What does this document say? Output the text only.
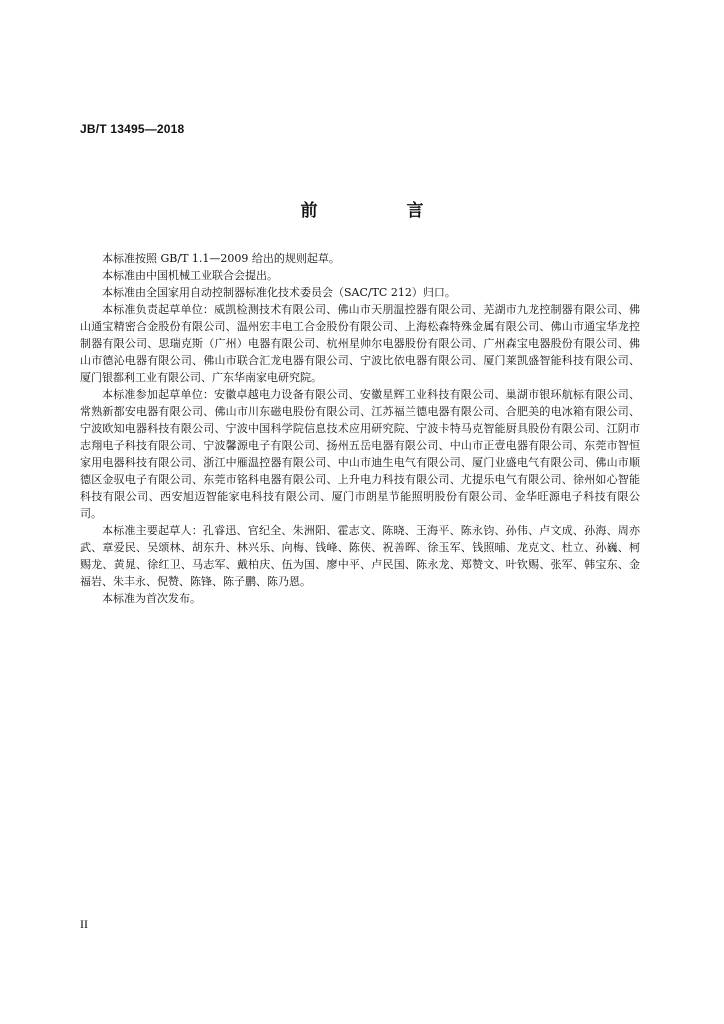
JB/T 13495—2018
前　言

本标准按照 GB/T 1.1—2009 给出的规则起草。

本标准由中国机械工业联合会提出。

本标准由全国家用自动控制器标准化技术委员会（SAC/TC 212）归口。

本标准负责起草单位：威凯检测技术有限公司、佛山市天朋温控器有限公司、芜湖市九龙控制器有限公司、佛山通宝精密合金股份有限公司、温州宏丰电工合金股份有限公司、上海松森特殊金属有限公司、佛山市通宝华龙控制器有限公司、思瑞克斯（广州）电器有限公司、杭州星帅尔电器股份有限公司、广州森宝电器股份有限公司、佛山市德沁电器有限公司、佛山市联合汇龙电器有限公司、宁波比依电器有限公司、厦门莱凯盛智能科技有限公司、厦门银都利工业有限公司、广东华南家电研究院。

本标准参加起草单位：安徽卓越电力设备有限公司、安徽星辉工业科技有限公司、巢湖市银环航标有限公司、常熟新都安电器有限公司、佛山市川东磁电股份有限公司、江苏福兰德电器有限公司、合肥美的电冰箱有限公司、宁波欧知电器科技有限公司、宁波中国科学院信息技术应用研究院、宁波卡特马克智能厨具股份有限公司、江阴市志翔电子科技有限公司、宁波馨源电子有限公司、扬州五岳电器有限公司、中山市正壹电器有限公司、东莞市智恒家用电器科技有限公司、浙江中雁温控器有限公司、中山市迪生电气有限公司、厦门业盛电气有限公司、佛山市顺德区金驭电子有限公司、东莞市铭科电器有限公司、上升电力科技有限公司、尤提乐电气有限公司、徐州如心智能科技有限公司、西安旭迈智能家电科技有限公司、厦门市朗星节能照明股份有限公司、金华旺源电子科技有限公司。

本标准主要起草人：孔睿迅、官纪全、朱洲阳、霍志文、陈晓、王海平、陈永钧、孙伟、卢文成、孙海、周亦武、章爱民、吴颂林、胡东升、林兴乐、向梅、钱峰、陈侠、祝善晖、徐玉军、钱照晡、龙克文、杜立、孙巍、柯赐龙、黄晁、徐红卫、马志军、戴柏庆、伍为国、廖中平、卢民国、陈永龙、郑赞文、叶钦赐、张军、韩宝东、金福岩、朱丰永、倪赞、陈锋、陈子鹏、陈乃恩。

本标准为首次发布。

II
